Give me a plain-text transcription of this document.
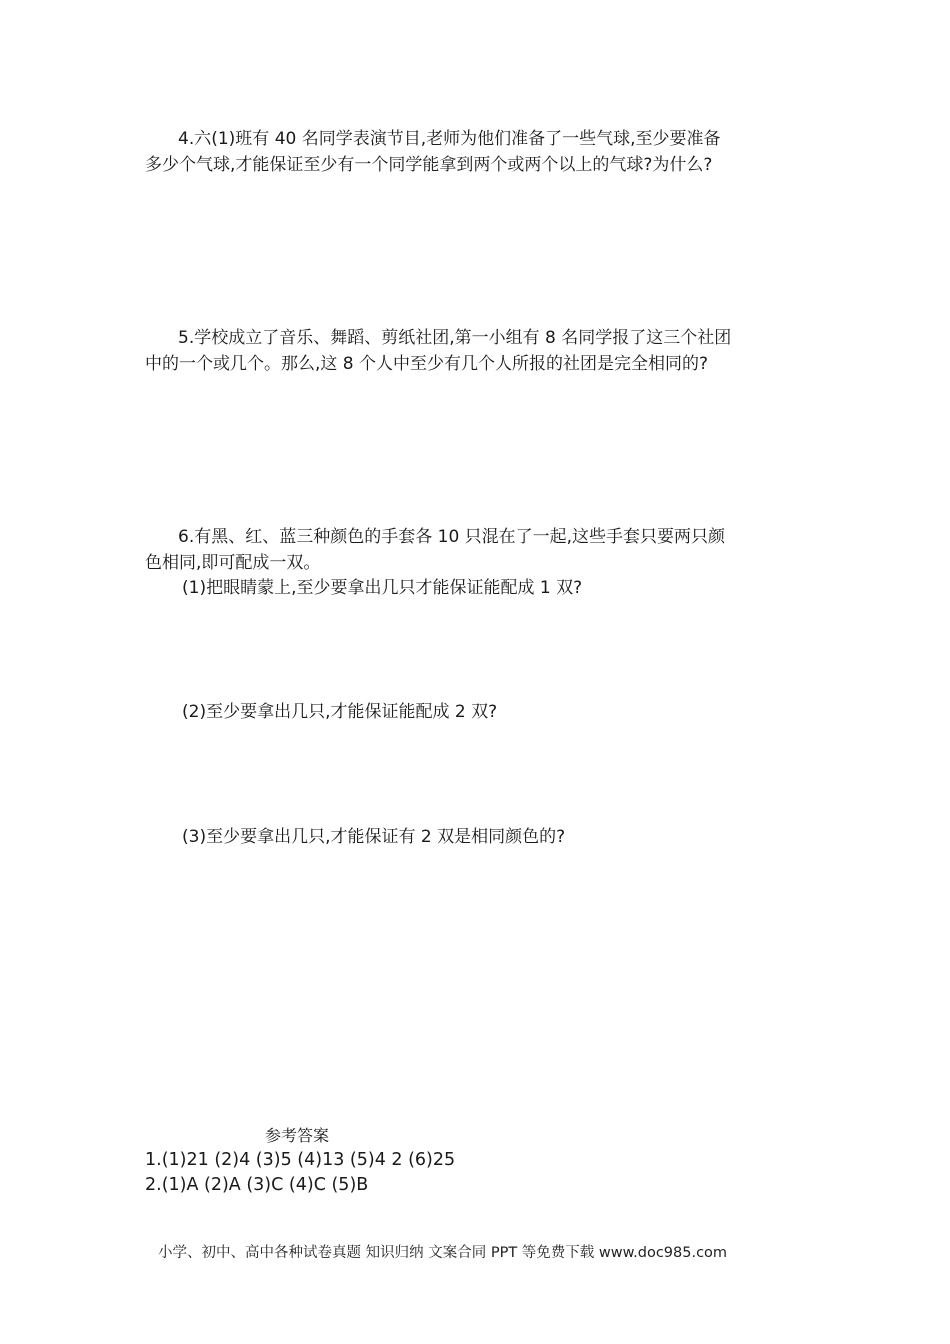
4.六(1)班有 40 名同学表演节目,老师为他们准备了一些气球,至少要准备
多少个气球,才能保证至少有一个同学能拿到两个或两个以上的气球?为什么?
5.学校成立了音乐、舞蹈、剪纸社团,第一小组有 8 名同学报了这三个社团
中的一个或几个。那么,这 8 个人中至少有几个人所报的社团是完全相同的?
6.有黑、红、蓝三种颜色的手套各 10 只混在了一起,这些手套只要两只颜
色相同,即可配成一双。
(1)把眼睛蒙上,至少要拿出几只才能保证能配成 1 双?
(2)至少要拿出几只,才能保证能配成 2 双?
(3)至少要拿出几只,才能保证有 2 双是相同颜色的?
参考答案
1.(1)21 (2)4 (3)5 (4)13 (5)4 2 (6)25
2.(1)A (2)A (3)C (4)C (5)B
小学、初中、高中各种试卷真题 知识归纳 文案合同 PPT 等免费下载 www.doc985.com
